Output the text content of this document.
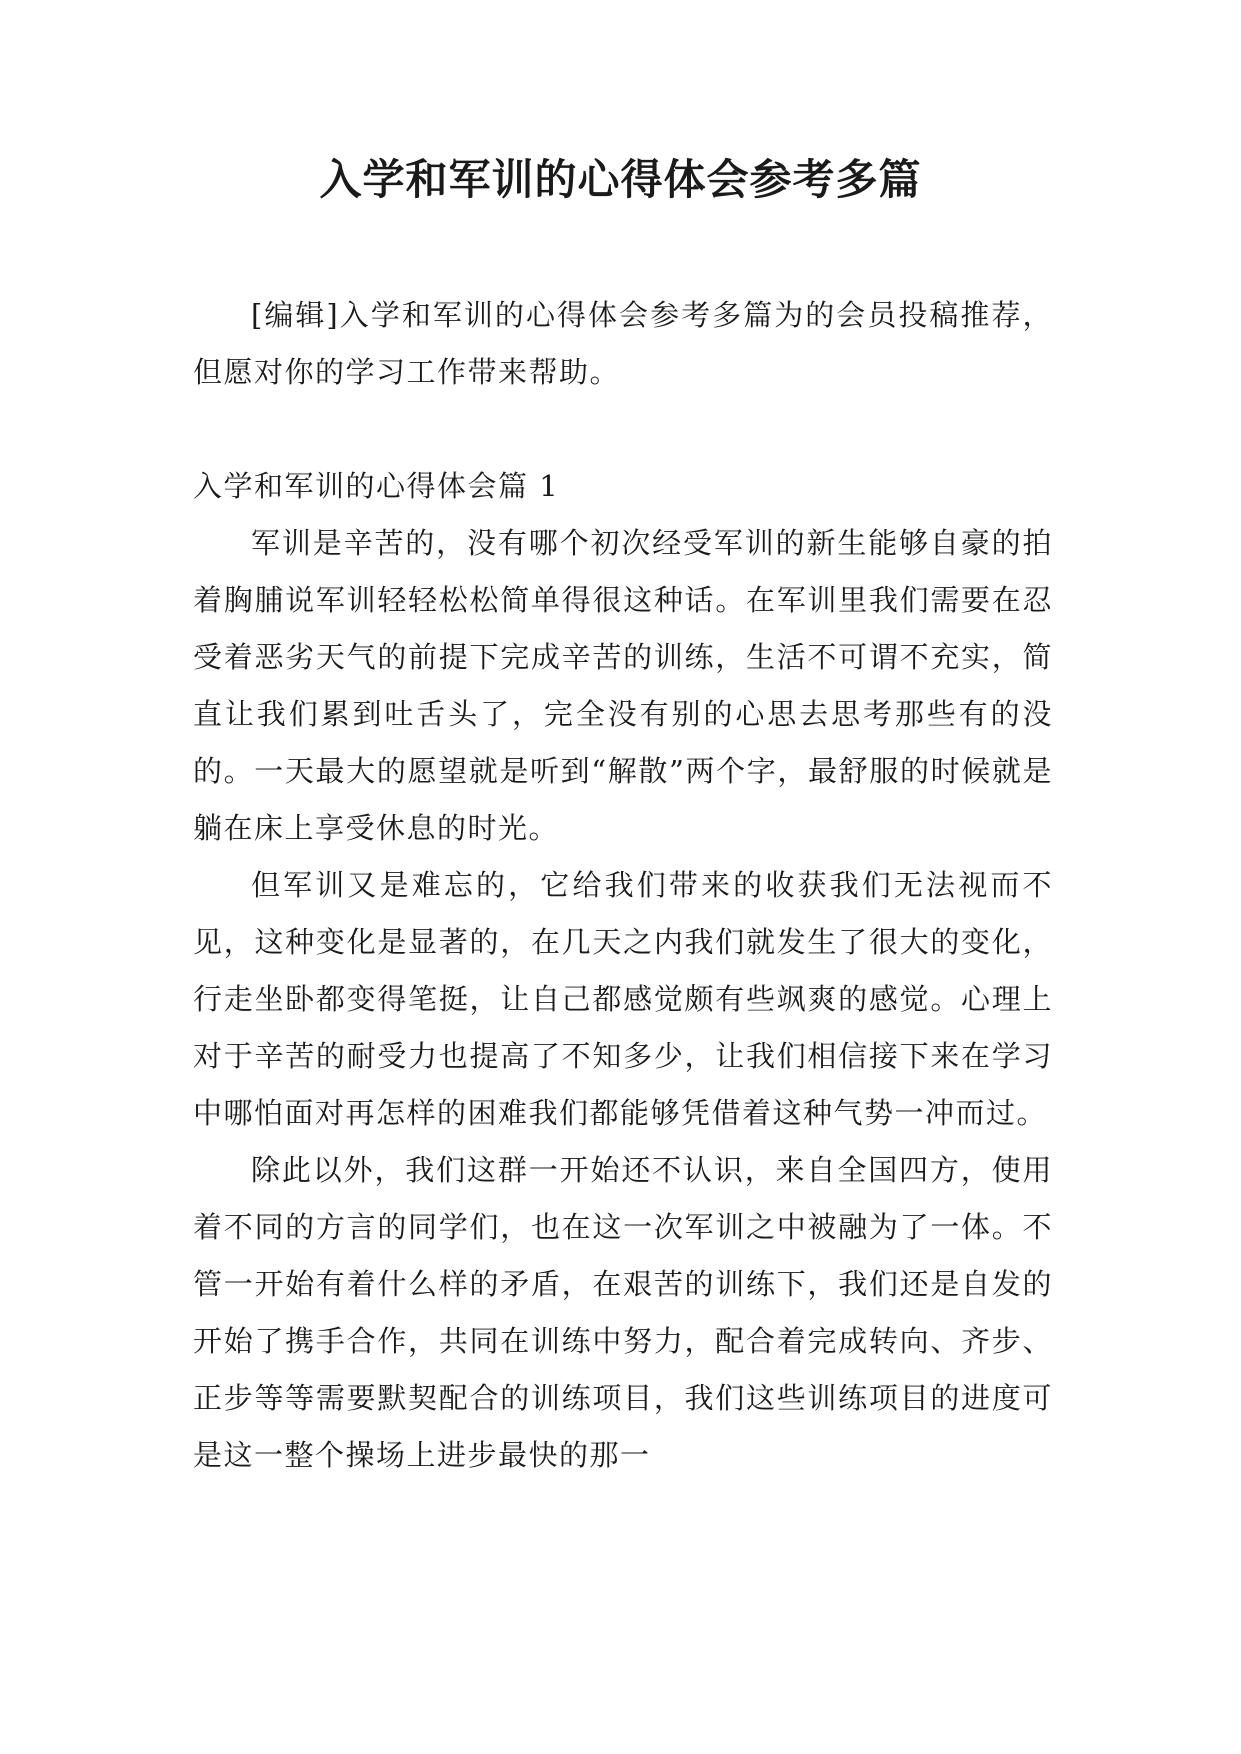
入学和军训的心得体会参考多篇

[编辑]入学和军训的心得体会参考多篇为的会员投稿推荐，但愿对你的学习工作带来帮助。

入学和军训的心得体会篇 1

军训是辛苦的，没有哪个初次经受军训的新生能够自豪的拍着胸脯说军训轻轻松松简单得很这种话。在军训里我们需要在忍受着恶劣天气的前提下完成辛苦的训练，生活不可谓不充实，简直让我们累到吐舌头了，完全没有别的心思去思考那些有的没的。一天最大的愿望就是听到“解散”两个字，最舒服的时候就是躺在床上享受休息的时光。

但军训又是难忘的，它给我们带来的收获我们无法视而不见，这种变化是显著的，在几天之内我们就发生了很大的变化，行走坐卧都变得笔挺，让自己都感觉颇有些飒爽的感觉。心理上对于辛苦的耐受力也提高了不知多少，让我们相信接下来在学习中哪怕面对再怎样的困难我们都能够凭借着这种气势一冲而过。

除此以外，我们这群一开始还不认识，来自全国四方，使用着不同的方言的同学们，也在这一次军训之中被融为了一体。不管一开始有着什么样的矛盾，在艰苦的训练下，我们还是自发的开始了携手合作，共同在训练中努力，配合着完成转向、齐步、正步等等需要默契配合的训练项目，我们这些训练项目的进度可是这一整个操场上进步最快的那一
